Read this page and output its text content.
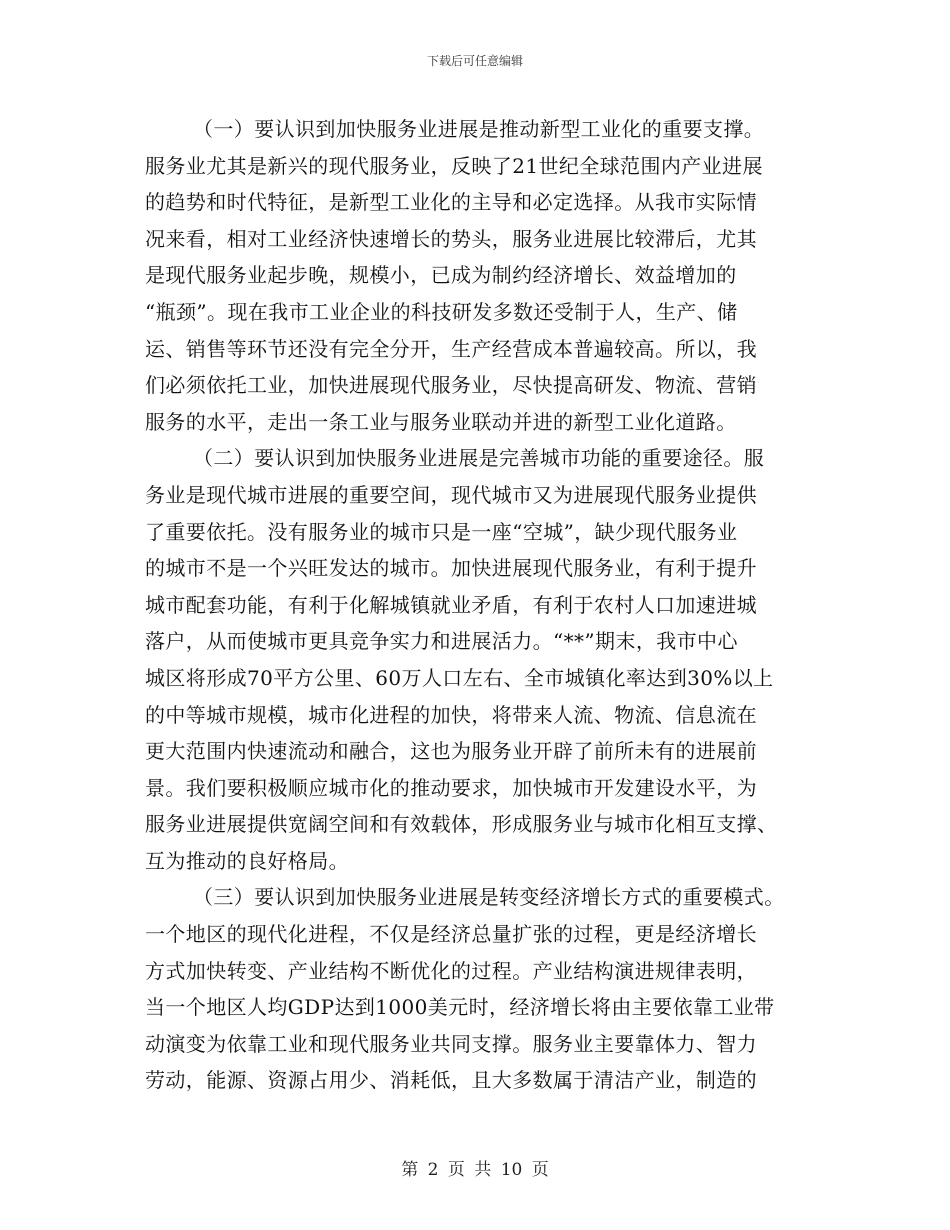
下载后可任意编辑
（一）要认识到加快服务业进展是推动新型工业化的重要支撑。
服务业尤其是新兴的现代服务业，反映了21世纪全球范围内产业进展
的趋势和时代特征，是新型工业化的主导和必定选择。从我市实际情
况来看，相对工业经济快速增长的势头，服务业进展比较滞后，尤其
是现代服务业起步晚，规模小，已成为制约经济增长、效益增加的
“瓶颈”。现在我市工业企业的科技研发多数还受制于人，生产、储
运、销售等环节还没有完全分开，生产经营成本普遍较高。所以，我
们必须依托工业，加快进展现代服务业，尽快提高研发、物流、营销
服务的水平，走出一条工业与服务业联动并进的新型工业化道路。
（二）要认识到加快服务业进展是完善城市功能的重要途径。服
务业是现代城市进展的重要空间，现代城市又为进展现代服务业提供
了重要依托。没有服务业的城市只是一座“空城”，缺少现代服务业
的城市不是一个兴旺发达的城市。加快进展现代服务业，有利于提升
城市配套功能，有利于化解城镇就业矛盾，有利于农村人口加速进城
落户，从而使城市更具竞争实力和进展活力。“**”期末，我市中心
城区将形成70平方公里、60万人口左右、全市城镇化率达到30%以上
的中等城市规模，城市化进程的加快，将带来人流、物流、信息流在
更大范围内快速流动和融合，这也为服务业开辟了前所未有的进展前
景。我们要积极顺应城市化的推动要求，加快城市开发建设水平，为
服务业进展提供宽阔空间和有效载体，形成服务业与城市化相互支撑、
互为推动的良好格局。
（三）要认识到加快服务业进展是转变经济增长方式的重要模式。
一个地区的现代化进程，不仅是经济总量扩张的过程，更是经济增长
方式加快转变、产业结构不断优化的过程。产业结构演进规律表明，
当一个地区人均GDP达到1000美元时，经济增长将由主要依靠工业带
动演变为依靠工业和现代服务业共同支撑。服务业主要靠体力、智力
劳动，能源、资源占用少、消耗低，且大多数属于清洁产业，制造的
第 2 页 共 10 页
